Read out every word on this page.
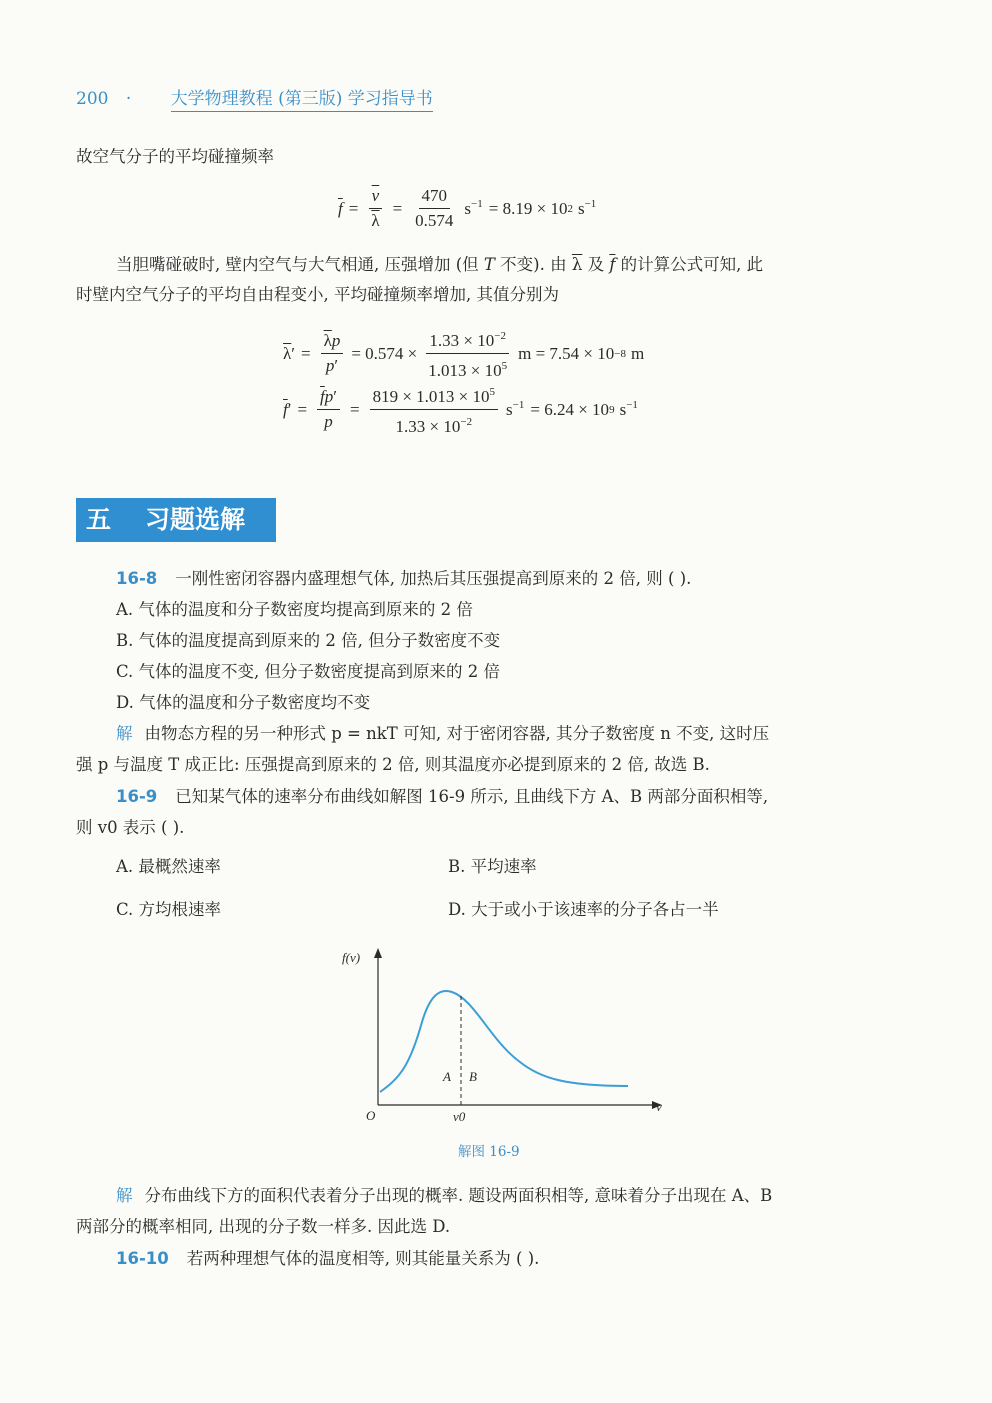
200 · 大学物理教程 (第三版) 学习指导书
故空气分子的平均碰撞频率
$\overline{f} = \frac{\overline{v}}{\lambda} = \frac{470}{0.574} s^{-1} = 8.19 \times 10$ 2 $s^{-1}$
当胆嘴碰破时, 壁内空气与大气相通, 压强增加 (但 T 不变). 由 $\overline{\lambda}$ 及 $\overline{f}$ 的计算公式可知, 此
时壁内空气分子的平均自由程变小, 平均碰撞频率增加, 其值分别为
$\overline{\lambda}' = \frac{\overline{\lambda}p}{p'} = 0.574 \times \frac{1.33 \times 10^{-2}}{1.013 \times 10^5}$ m = 7.54 × 10 −8 m
$\overline{f}' = \frac{\overline{f}p'}{p} = \frac{819 \times 1.013 \times 10^5}{1.33 \times 10^{-2}} s^{-1} = 6.24 \times 10$ 9 $s^{-1}$
五 习题选解
16-8 一刚性密闭容器内盛理想气体, 加热后其压强提高到原来的 2 倍, 则 ( ).
A. 气体的温度和分子数密度均提高到原来的 2 倍
B. 气体的温度提高到原来的 2 倍, 但分子数密度不变
C. 气体的温度不变, 但分子数密度提高到原来的 2 倍
D. 气体的温度和分子数密度均不变
解 由物态方程的另一种形式 p = nkT 可知, 对于密闭容器, 其分子数密度 n 不变, 这时压
强 p 与温度 T 成正比: 压强提高到原来的 2 倍, 则其温度亦必提到原来的 2 倍, 故选 B.
16-9 已知某气体的速率分布曲线如解图 16-9 所示, 且曲线下方 A、B 两部分面积相等,
则 v0 表示 ( ).
A. 最概然速率	B. 平均速率
C. 方均根速率	D. 大于或小于该速率的分子各占一半
f(v)
O	v0
v
A B
解图 16-9
解 分布曲线下方的面积代表着分子出现的概率. 题设两面积相等, 意味着分子出现在 A、B
两部分的概率相同, 出现的分子数一样多. 因此选 D.
16-10 若两种理想气体的温度相等, 则其能量关系为 ( ).
